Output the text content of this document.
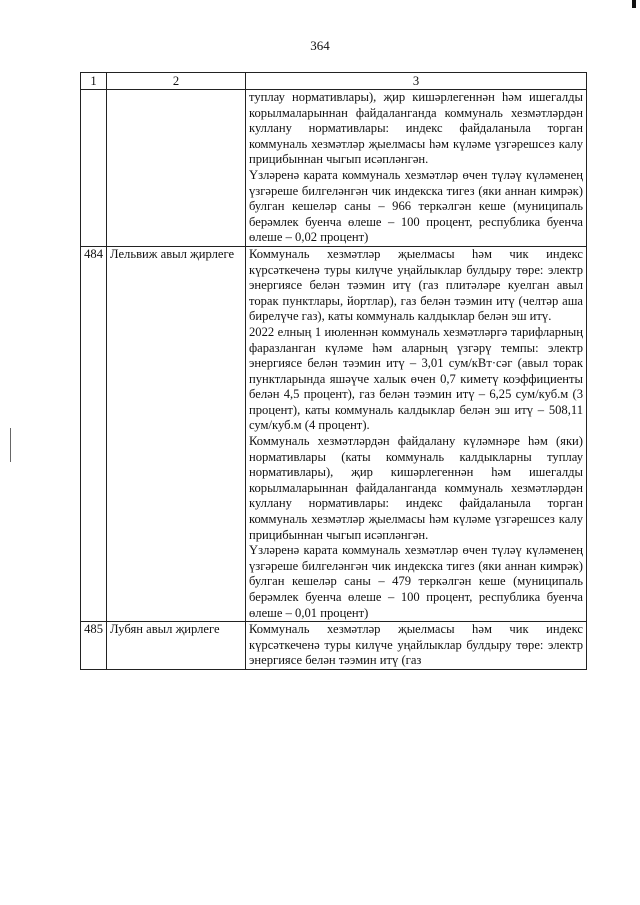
364
1	2	3

		туплау нормативлары), җир кишәрлегеннән һәм ишегалды корылмаларыннан файдаланганда коммуналь хезмәтләрдән куллану нормативлары: индекс файдаланыла торган коммуналь хезмәтләр җыелмасы һәм күләме үзгәрешсез калу прицибыннан чыгып исәпләнгән.

Үзләренә карата коммуналь хезмәтләр өчен түләү күләменең үзгәреше билгеләнгән чик индекска тигез (яки аннан кимрәк) булган кешеләр саны – 966 теркәлгән кеше (муниципаль берәмлек буенча өлеше – 100 процент, республика буенча өлеше – 0,02 процент)

484	Лельвиж авыл җирлеге	Коммуналь хезмәтләр җыелмасы һәм чик индекс күрсәткеченә туры килүче уңайлыклар булдыру төре: электр энергиясе белән тәэмин итү (газ плитәләре куелган авыл торак пунктлары, йортлар), газ белән тәэмин итү (челтәр аша бирелүче газ), каты коммуналь калдыклар белән эш итү.

2022 елның 1 июленнән коммуналь хезмәтләргә тарифларның фаразланган күләме һәм аларның үзгәрү темпы: электр энергиясе белән тәэмин итү – 3,01 сум/кВт·сәг (авыл торак пунктларында яшәүче халык өчен 0,7 киметү коэффициенты белән 4,5 процент), газ белән тәэмин итү – 6,25 сум/куб.м (3 процент), каты коммуналь калдыклар белән эш итү – 508,11 сум/куб.м (4 процент).

Коммуналь хезмәтләрдән файдалану күләмнәре һәм (яки) нормативлары (каты коммуналь калдыкларны туплау нормативлары), җир кишәрлегеннән һәм ишегалды корылмаларыннан файдаланганда коммуналь хезмәтләрдән куллану нормативлары: индекс файдаланыла торган коммуналь хезмәтләр җыелмасы һәм күләме үзгәрешсез калу прицибыннан чыгып исәпләнгән.

Үзләренә карата коммуналь хезмәтләр өчен түләү күләменең үзгәреше билгеләнгән чик индекска тигез (яки аннан кимрәк) булган кешеләр саны – 479 теркәлгән кеше (муниципаль берәмлек буенча өлеше – 100 процент, республика буенча өлеше – 0,01 процент)

485	Лубян авыл җирлеге	Коммуналь хезмәтләр җыелмасы һәм чик индекс күрсәткеченә туры килүче уңайлыклар булдыру төре: электр энергиясе белән тәэмин итү (газ
